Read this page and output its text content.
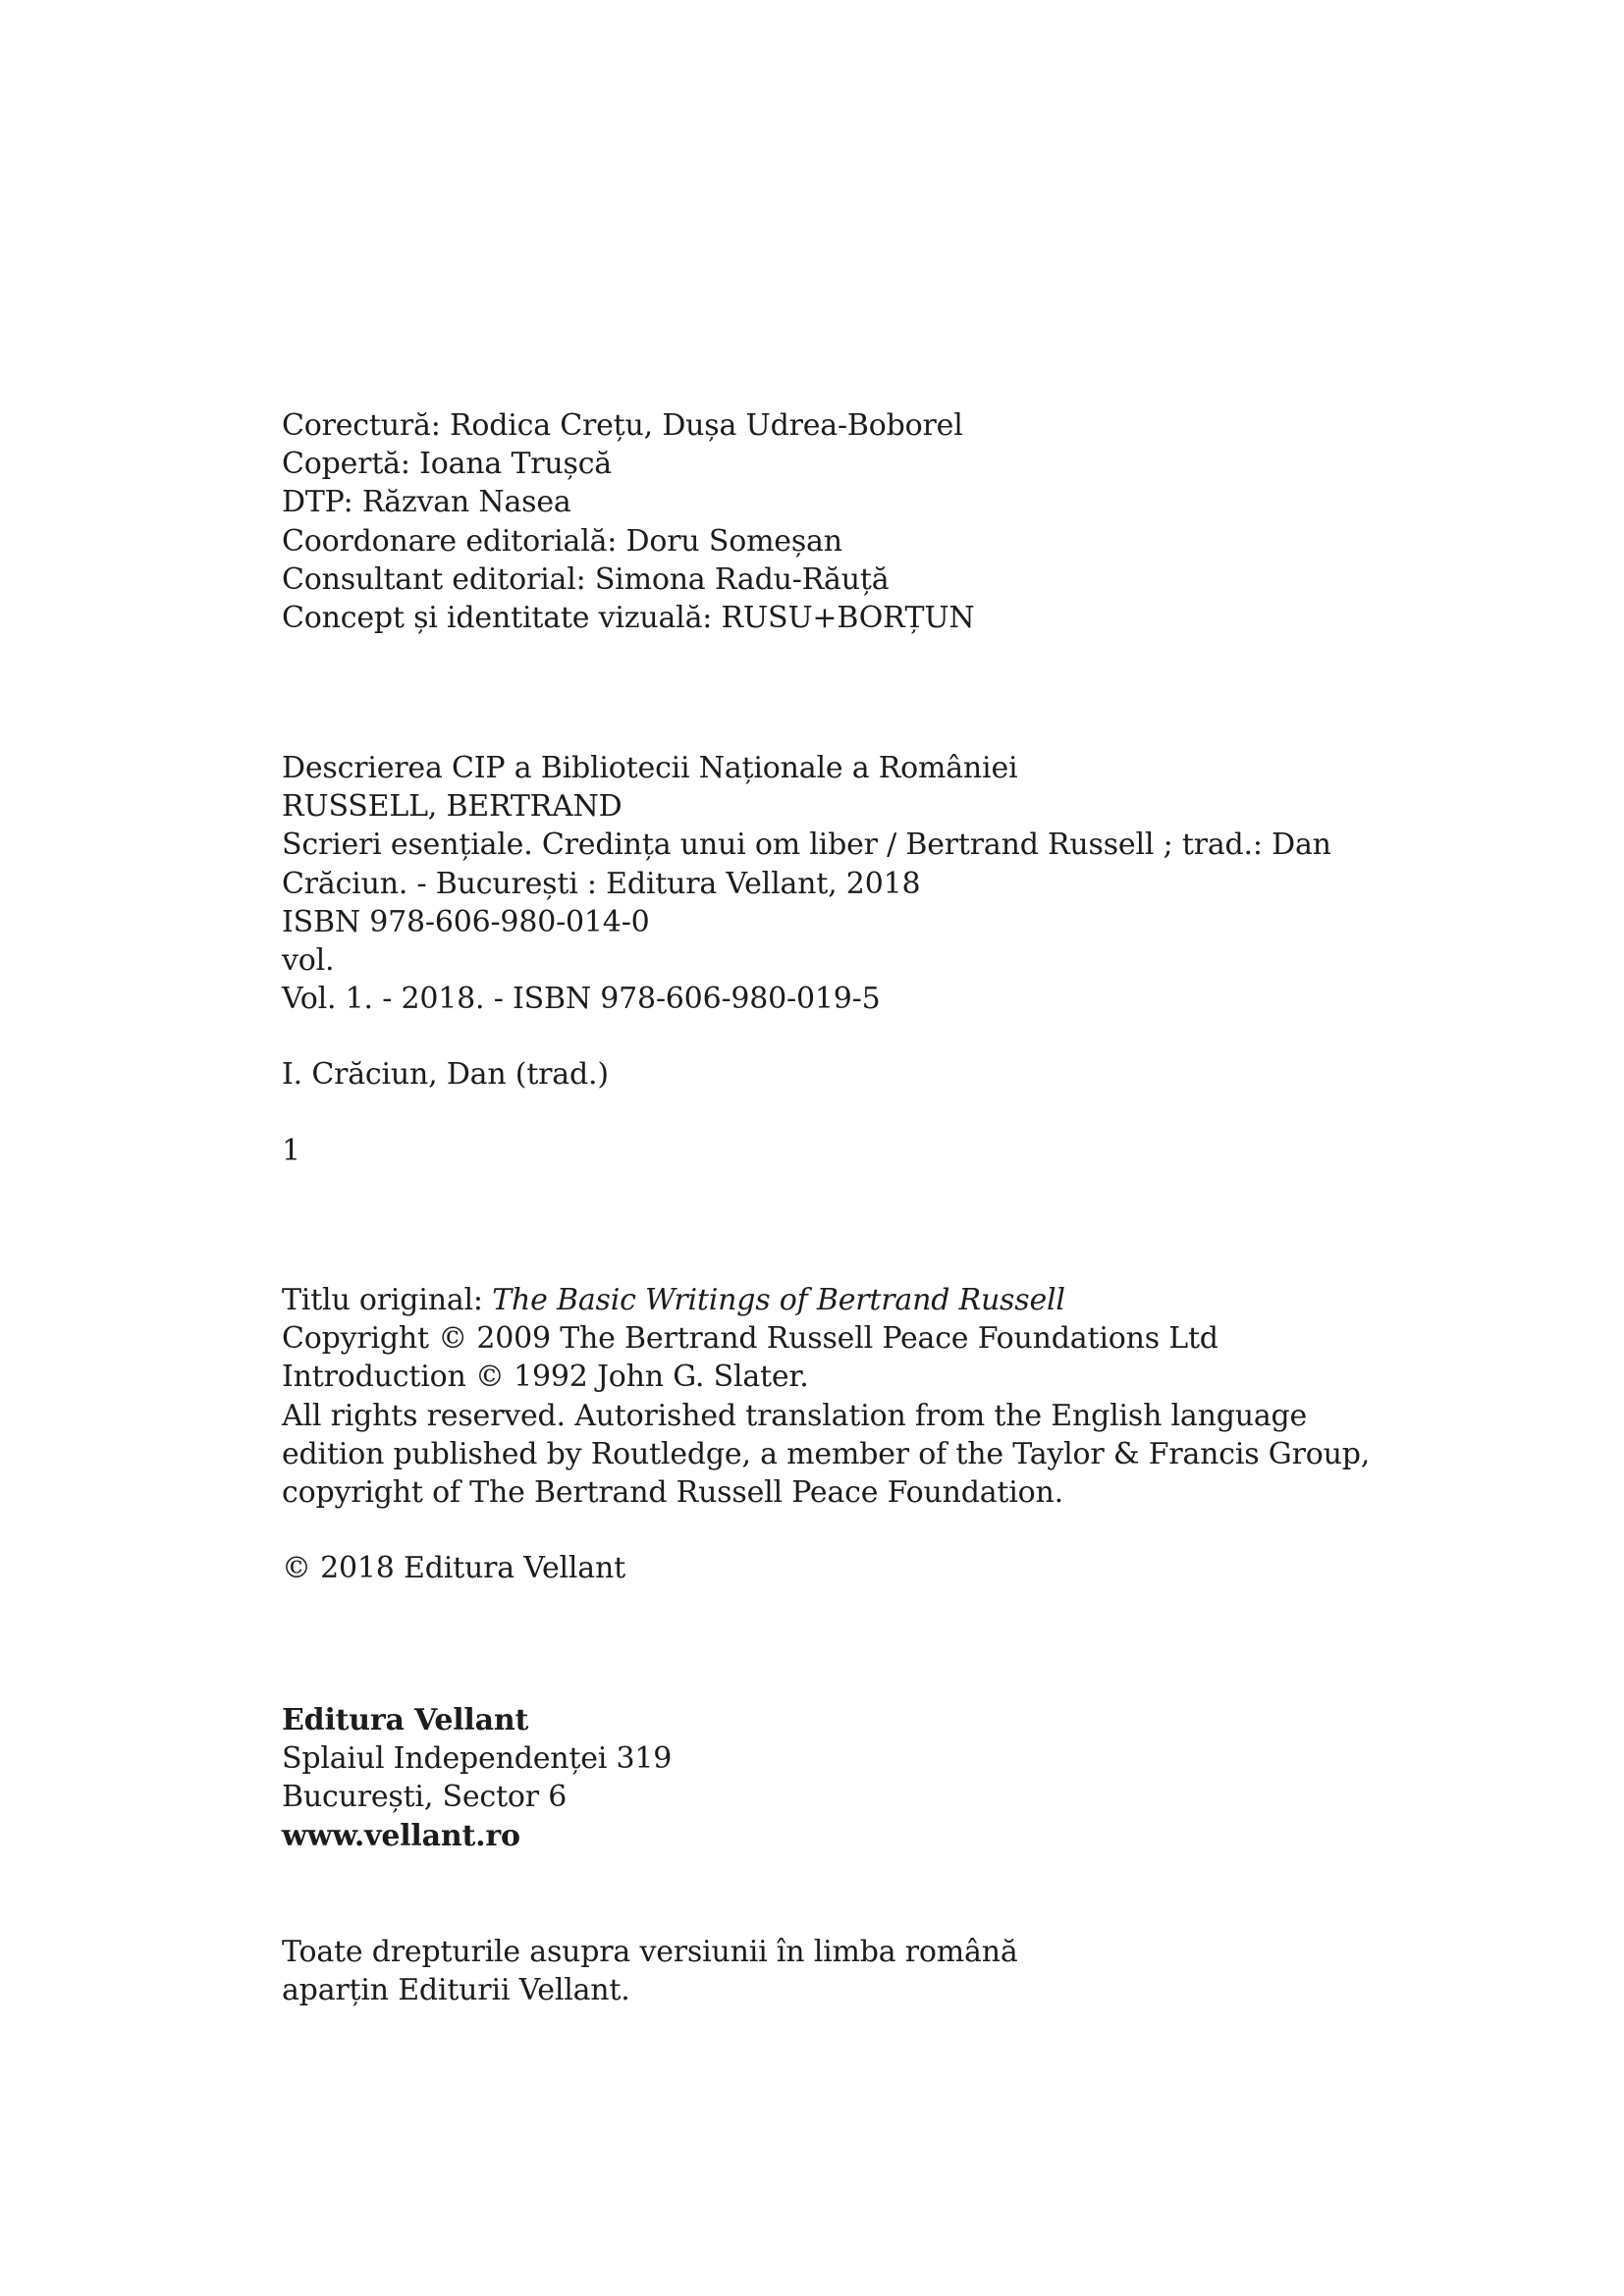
Corectură: Rodica Crețu, Dușa Udrea-Boborel
Copertă: Ioana Trușcă
DTP: Răzvan Nasea
Coordonare editorială: Doru Someșan
Consultant editorial: Simona Radu-Răuță
Concept și identitate vizuală: RUSU+BORȚUN
Descrierea CIP a Bibliotecii Naționale a României
RUSSELL, BERTRAND
Scrieri esențiale. Credința unui om liber / Bertrand Russell ; trad.: Dan
Crăciun. - București : Editura Vellant, 2018
ISBN 978-606-980-014-0
vol.
Vol. 1. - 2018. - ISBN 978-606-980-019-5
I. Crăciun, Dan (trad.)
1
Titlu original: The Basic Writings of Bertrand Russell
Copyright © 2009 The Bertrand Russell Peace Foundations Ltd
Introduction © 1992 John G. Slater.
All rights reserved. Autorished translation from the English language
edition published by Routledge, a member of the Taylor & Francis Group,
copyright of The Bertrand Russell Peace Foundation.
© 2018 Editura Vellant
Editura Vellant
Splaiul Independenței 319
București, Sector 6
www.vellant.ro
Toate drepturile asupra versiunii în limba română
aparțin Editurii Vellant.
